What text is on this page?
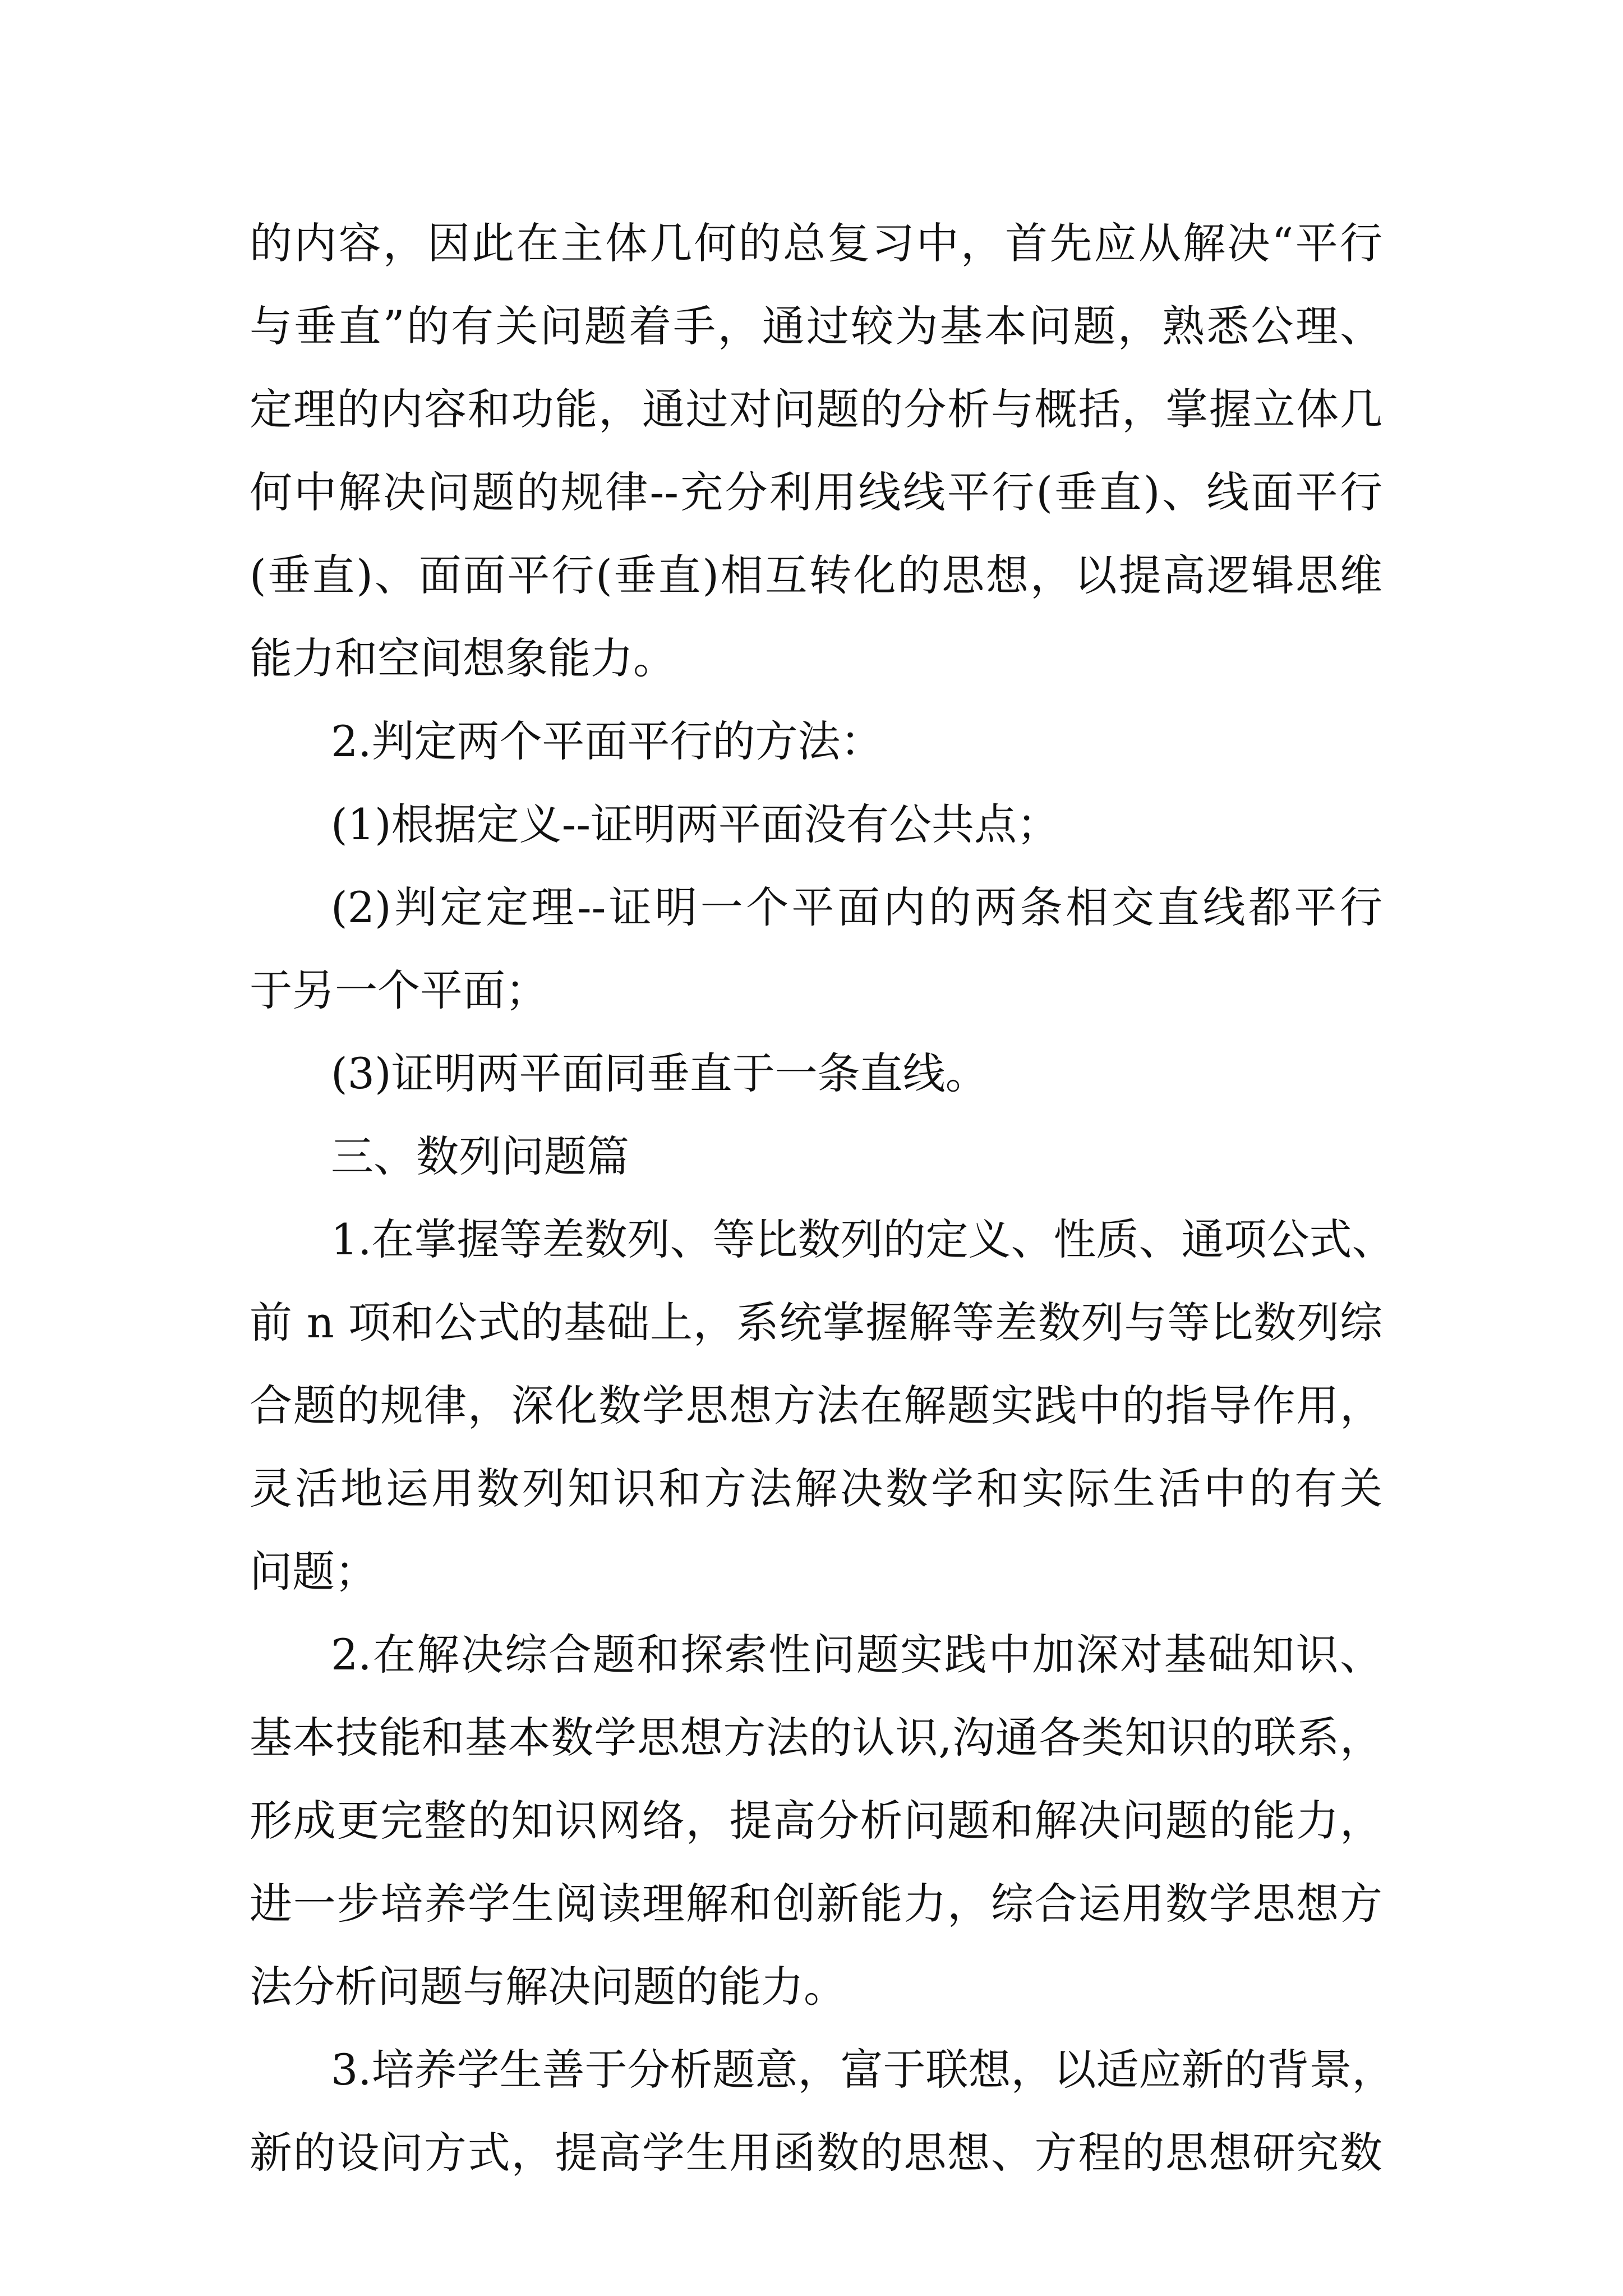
的内容，因此在主体几何的总复习中，首先应从解决“平行
与垂直”的有关问题着手，通过较为基本问题，熟悉公理、
定理的内容和功能，通过对问题的分析与概括，掌握立体几
何中解决问题的规律--充分利用线线平行(垂直)、线面平行
(垂直)、面面平行(垂直)相互转化的思想，以提高逻辑思维
能力和空间想象能力。
2.判定两个平面平行的方法：
(1)根据定义--证明两平面没有公共点；
(2)判定定理--证明一个平面内的两条相交直线都平行
于另一个平面；
(3)证明两平面同垂直于一条直线。
三、数列问题篇
1.在掌握等差数列、等比数列的定义、性质、通项公式、
前 n 项和公式的基础上，系统掌握解等差数列与等比数列综
合题的规律，深化数学思想方法在解题实践中的指导作用，
灵活地运用数列知识和方法解决数学和实际生活中的有关
问题；
2.在解决综合题和探索性问题实践中加深对基础知识、
基本技能和基本数学思想方法的认识,沟通各类知识的联系，
形成更完整的知识网络，提高分析问题和解决问题的能力，
进一步培养学生阅读理解和创新能力，综合运用数学思想方
法分析问题与解决问题的能力。
3.培养学生善于分析题意，富于联想，以适应新的背景，
新的设问方式，提高学生用函数的思想、方程的思想研究数
